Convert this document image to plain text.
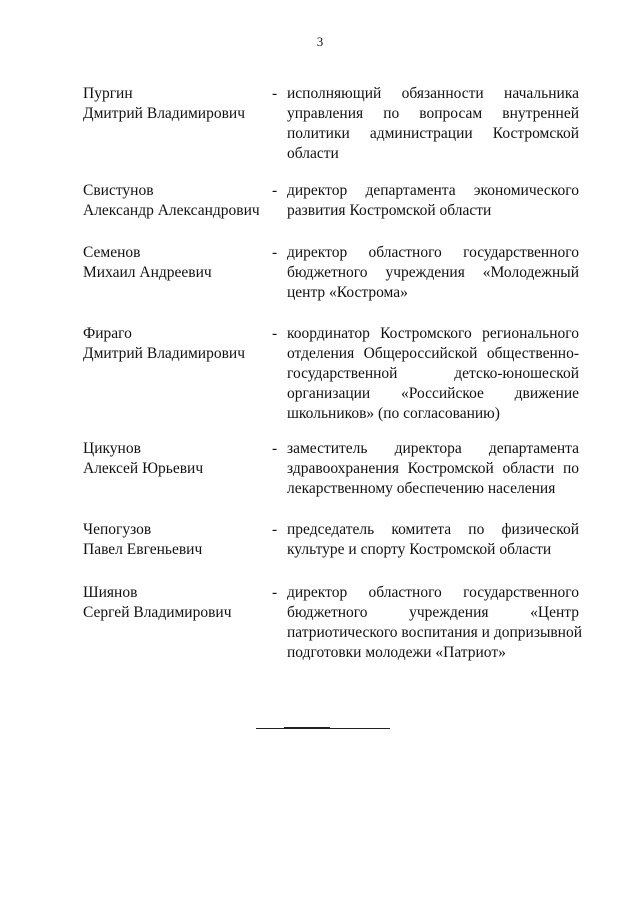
3
Пургин
Дмитрий Владимирович
- исполняющий обязанности начальника
управления по вопросам внутренней
политики администрации Костромской
области
Свистунов
Александр Александрович
- директор департамента экономического
развития Костромской области
Семенов
Михаил Андреевич
- директор областного государственного
бюджетного учреждения «Молодежный
центр «Кострома»
Фираго
Дмитрий Владимирович
- координатор Костромского регионального
отделения Общероссийской общественно-
государственной детско-юношеской
организации «Российское движение
школьников» (по согласованию)
Цикунов
Алексей Юрьевич
- заместитель директора департамента
здравоохранения Костромской области по
лекарственному обеспечению населения
Чепогузов
Павел Евгеньевич
- председатель комитета по физической
культуре и спорту Костромской области
Шиянов
Сергей Владимирович
- директор областного государственного
бюджетного учреждения «Центр
патриотического воспитания и допризывной
подготовки молодежи «Патриот»
